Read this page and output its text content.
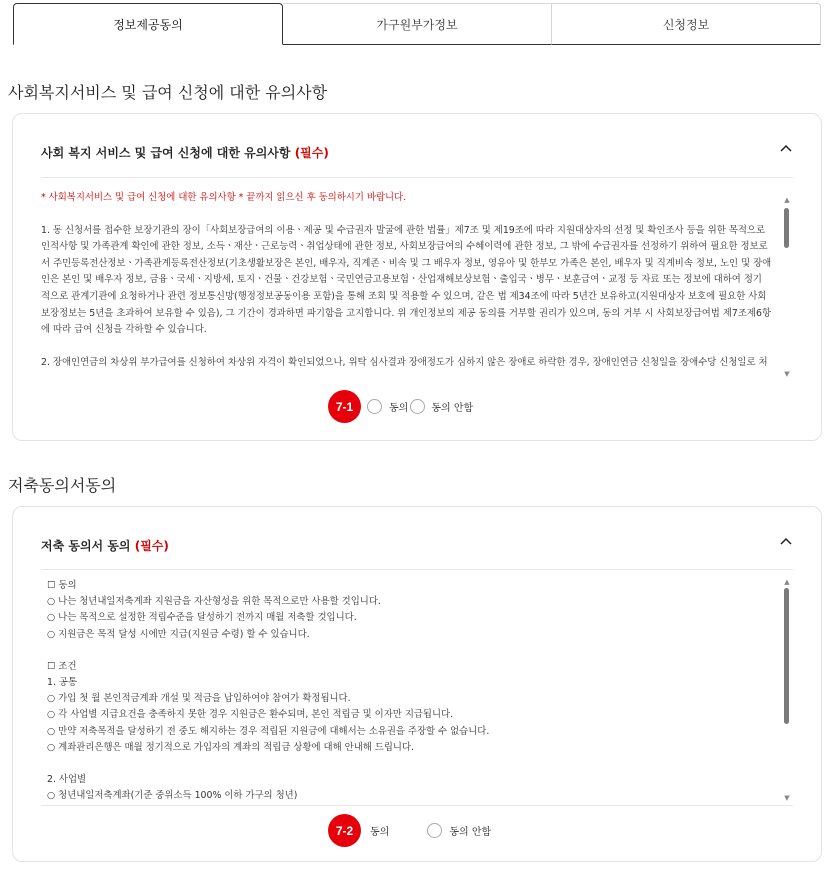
정보제공동의	가구원부가정보	신청정보
사회복지서비스 및 급여 신청에 대한 유의사항
사회 복지 서비스 및 급여 신청에 대한 유의사항 (필수)

* 사회복지서비스 및 급여 신청에 대한 유의사항 * 끝까지 읽으신 후 동의하시기 바랍니다.

1. 동 신청서를 접수한 보장기관의 장이「사회보장급여의 이용ㆍ제공 및 수급권자 발굴에 관한 법률」제7조 및 제19조에 따라 지원대상자의 선정 및 확인조사 등을 위한 목적으로

인적사항 및 가족관계 확인에 관한 정보, 소득ㆍ재산ㆍ근로능력ㆍ취업상태에 관한 정보, 사회보장급여의 수혜이력에 관한 정보, 그 밖에 수급권자를 선정하기 위하여 필요한 정보로

서 주민등록전산정보ㆍ가족관계등록전산정보(기초생활보장은 본인, 배우자, 직계존ㆍ비속 및 그 배우자 정보, 영유아 및 한부모 가족은 본인, 배우자 및 직계비속 정보, 노인 및 장애

인은 본인 및 배우자 정보, 금융ㆍ국세ㆍ지방세, 토지ㆍ건물ㆍ건강보험ㆍ국민연금고용보험ㆍ산업재해보상보험ㆍ출입국ㆍ병무ㆍ보훈급여ㆍ교정 등 자료 또는 정보에 대하여 정기

적으로 관계기관에 요청하거나 관련 정보통신망(행정정보공동이용 포함)을 통해 조회 및 적용할 수 있으며, 같은 법 제34조에 따라 5년간 보유하고(지원대상자 보호에 필요한 사회

보장정보는 5년을 초과하여 보유할 수 있음), 그 기간이 경과하면 파기함을 고지합니다. 위 개인정보의 제공 동의를 거부할 권리가 있으며, 동의 거부 시 사회보장급여법 제7조제6항

에 따라 급여 신청을 각하할 수 있습니다.

2. 장애인연금의 차상위 부가급여를 신청하여 차상위 자격이 확인되었으나, 위탁 심사결과 장애정도가 심하지 않은 장애로 하락한 경우, 장애인연금 신청일을 장애수당 신청일로 처

▲
▼
7-1	동의 동의 안함
저축동의서동의
저축 동의서 동의 (필수)

☐ 동의

○ 나는 청년내일저축계좌 지원금을 자산형성을 위한 목적으로만 사용할 것입니다.

○ 나는 목적으로 설정한 적립수준을 달성하기 전까지 매월 저축할 것입니다.

○ 지원금은 목적 달성 시에만 지급(지원금 수령) 할 수 있습니다.

☐ 조건

1. 공통

○ 가입 첫 월 본인적금계좌 개설 및 적금을 납입하여야 참여가 확정됩니다.

○ 각 사업별 지급요건을 충족하지 못한 경우 지원금은 환수되며, 본인 적립금 및 이자만 지급됩니다.

○ 만약 저축목적을 달성하기 전 중도 해지하는 경우 적립된 지원금에 대해서는 소유권을 주장할 수 없습니다.

○ 계좌관리은행은 매월 정기적으로 가입자의 계좌의 적립금 상황에 대해 안내해 드립니다.

2. 사업별

○ 청년내일저축계좌(기준 중위소득 100% 이하 가구의 청년)

▲
▼
7-2	동의	동의 안함
